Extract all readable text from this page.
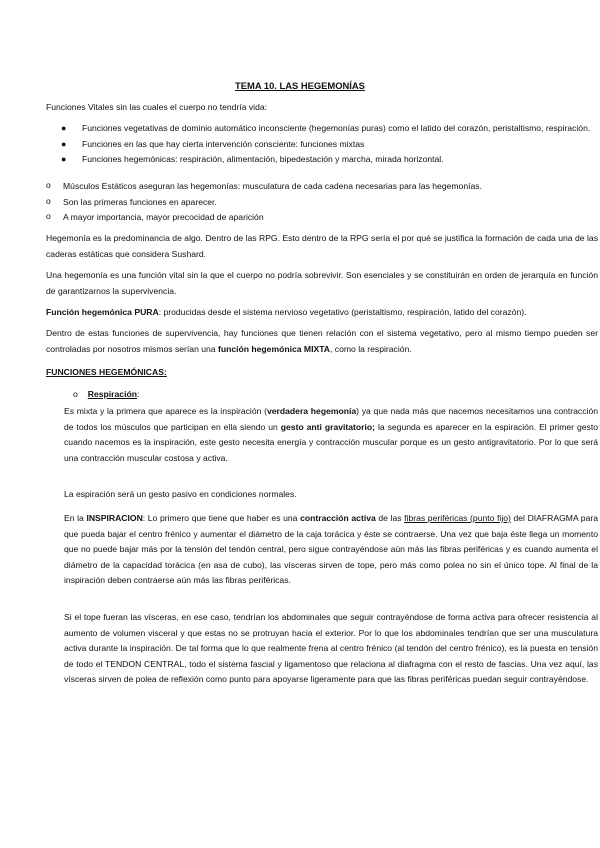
TEMA 10. LAS HEGEMONÍAS

Funciones Vitales sin las cuales el cuerpo no tendría vida:

● Funciones vegetativas de dominio automático inconsciente (hegemonías puras) como el latido del corazón, peristaltismo, respiración.
● Funciones en las que hay cierta intervención consciente: funciones mixtas
● Funciones hegemónicas: respiración, alimentación, bipedestación y marcha, mirada horizontal.
o Músculos Estáticos aseguran las hegemonías: musculatura de cada cadena necesarias para las hegemonías.
o Son las primeras funciones en aparecer.
o A mayor importancia, mayor precocidad de aparición

Hegemonía es la predominancia de algo. Dentro de las RPG. Esto dentro de la RPG sería el por qué se justifica la formación de cada una de las caderas estáticas que considera Sushard.

Una hegemonía es una función vital sin la que el cuerpo no podría sobrevivir. Son esenciales y se constituirán en orden de jerarquía en función de garantizarnos la supervivencia.

Función hegemónica PURA: producidas desde el sistema nervioso vegetativo (peristaltismo, respiración, latido del corazón).

Dentro de estas funciones de supervivencia, hay funciones que tienen relación con el sistema vegetativo, pero al mismo tiempo pueden ser controladas por nosotros mismos serían una función hegemónica MIXTA, como la respiración.

FUNCIONES HEGEMÓNICAS:
o Respiración:

Es mixta y la primera que aparece es la inspiración (verdadera hegemonía) ya que nada más que nacemos necesitamos una contracción de todos los músculos que participan en ella siendo un gesto anti gravitatorio; la segunda es aparecer en la espiración. El primer gesto cuando nacemos es la inspiración, este gesto necesita energía y contracción muscular porque es un gesto antigravitatorio. Por lo que será una contracción muscular costosa y activa.

La espiración será un gesto pasivo en condiciones normales.

En la INSPIRACION: Lo primero que tiene que haber es una contracción activa de las fibras periféricas (punto fijo) del DIAFRAGMA para que pueda bajar el centro frénico y aumentar el diámetro de la caja torácica y éste se contraerse. Una vez que baja éste llega un momento que no puede bajar más por la tensión del tendón central, pero sigue contrayéndose aún más las fibras periféricas y es cuando aumenta el diámetro de la capacidad torácica (en asa de cubo), las vísceras sirven de tope, pero más como polea no sin el único tope. Al final de la inspiración deben contraerse aún más las fibras periféricas.

Si el tope fueran las vísceras, en ese caso, tendrían los abdominales que seguir contrayéndose de forma activa para ofrecer resistencia al aumento de volumen visceral y que estas no se protruyan hacia el exterior. Por lo que los abdominales tendrían que ser una musculatura activa durante la inspiración. De tal forma que lo que realmente frena al centro frénico (al tendón del centro frénico), es la puesta en tensión de todo el TENDON CENTRAL, todo el sistema fascial y ligamentoso que relaciona al diafragma con el resto de fascias. Una vez aquí, las vísceras sirven de polea de reflexión como punto para apoyarse ligeramente para que las fibras periféricas puedan seguir contrayéndose.
